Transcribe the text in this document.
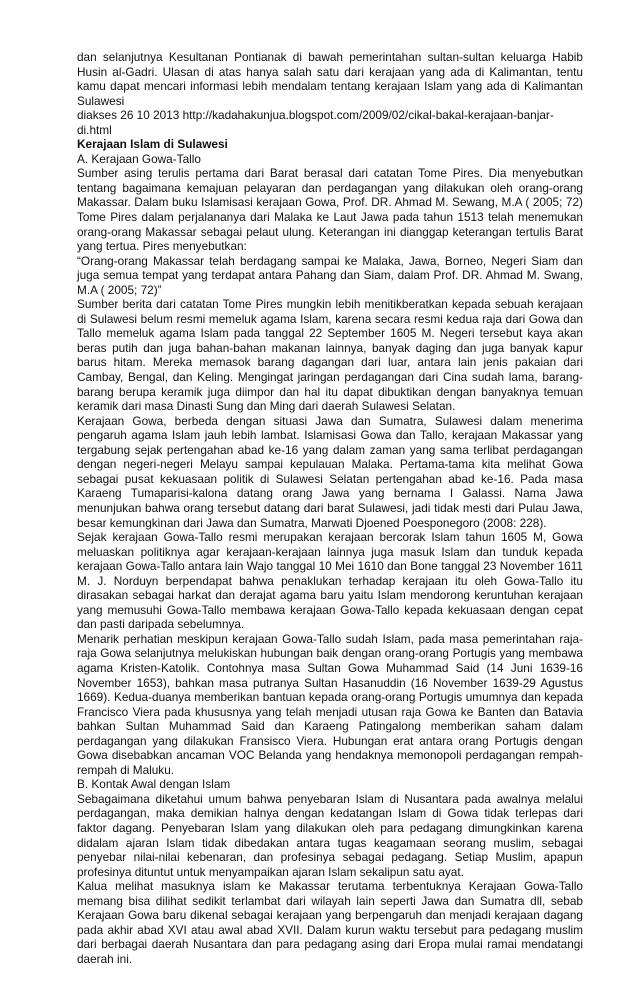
dan selanjutnya Kesultanan Pontianak di bawah pemerintahan sultan-sultan keluarga Habib Husin al-Gadri. Ulasan di atas hanya salah satu dari kerajaan yang ada di Kalimantan, tentu kamu dapat mencari informasi lebih mendalam tentang kerajaan Islam yang ada di Kalimantan Sulawesi

diakses 26 10 2013 http://kadahakunjua.blogspot.com/2009/02/cikal-bakal-kerajaan-banjar-

di.html

Kerajaan Islam di Sulawesi

A. Kerajaan Gowa-Tallo

Sumber asing terulis pertama dari Barat berasal dari catatan Tome Pires. Dia menyebutkan tentang bagaimana kemajuan pelayaran dan perdagangan yang dilakukan oleh orang-orang Makassar. Dalam buku Islamisasi kerajaan Gowa, Prof. DR. Ahmad M. Sewang, M.A ( 2005; 72) Tome Pires dalam perjalananya dari Malaka ke Laut Jawa pada tahun 1513 telah menemukan orang-orang Makassar sebagai pelaut ulung. Keterangan ini dianggap keterangan tertulis Barat yang tertua. Pires menyebutkan:

“Orang-orang Makassar telah berdagang sampai ke Malaka, Jawa, Borneo, Negeri Siam dan juga semua tempat yang terdapat antara Pahang dan Siam, dalam Prof. DR. Ahmad M. Swang, M.A ( 2005; 72)”

Sumber berita dari catatan Tome Pires mungkin lebih menitikberatkan kepada sebuah kerajaan di Sulawesi belum resmi memeluk agama Islam, karena secara resmi kedua raja dari Gowa dan Tallo memeluk agama Islam pada tanggal 22 September 1605 M. Negeri tersebut kaya akan beras putih dan juga bahan-bahan makanan lainnya, banyak daging dan juga banyak kapur barus hitam. Mereka memasok barang dagangan dari luar, antara lain jenis pakaian dari Cambay, Bengal, dan Keling. Mengingat jaringan perdagangan dari Cina sudah lama, barang-barang berupa keramik juga diimpor dan hal itu dapat dibuktikan dengan banyaknya temuan keramik dari masa Dinasti Sung dan Ming dari daerah Sulawesi Selatan.

Kerajaan Gowa, berbeda dengan situasi Jawa dan Sumatra, Sulawesi dalam menerima pengaruh agama Islam jauh lebih lambat. Islamisasi Gowa dan Tallo, kerajaan Makassar yang tergabung sejak pertengahan abad ke-16 yang dalam zaman yang sama terlibat perdagangan dengan negeri-negeri Melayu sampai kepulauan Malaka. Pertama-tama kita melihat Gowa sebagai pusat kekuasaan politik di Sulawesi Selatan pertengahan abad ke-16. Pada masa Karaeng Tumaparisi-kalona datang orang Jawa yang bernama I Galassi. Nama Jawa menunjukan bahwa orang tersebut datang dari barat Sulawesi, jadi tidak mesti dari Pulau Jawa, besar kemungkinan dari Jawa dan Sumatra, Marwati Djoened Poesponegoro (2008: 228).

Sejak kerajaan Gowa-Tallo resmi merupakan kerajaan bercorak Islam tahun 1605 M, Gowa meluaskan politiknya agar kerajaan-kerajaan lainnya juga masuk Islam dan tunduk kepada kerajaan Gowa-Tallo antara lain Wajo tanggal 10 Mei 1610 dan Bone tanggal 23 November 1611 M. J. Norduyn berpendapat bahwa penaklukan terhadap kerajaan itu oleh Gowa-Tallo itu dirasakan sebagai harkat dan derajat agama baru yaitu Islam mendorong keruntuhan kerajaan yang memusuhi Gowa-Tallo membawa kerajaan Gowa-Tallo kepada kekuasaan dengan cepat dan pasti daripada sebelumnya.

Menarik perhatian meskipun kerajaan Gowa-Tallo sudah Islam, pada masa pemerintahan raja-raja Gowa selanjutnya melukiskan hubungan baik dengan orang-orang Portugis yang membawa agama Kristen-Katolik. Contohnya masa Sultan Gowa Muhammad Said (14 Juni 1639-16 November 1653), bahkan masa putranya Sultan Hasanuddin (16 November 1639-29 Agustus 1669). Kedua-duanya memberikan bantuan kepada orang-orang Portugis umumnya dan kepada Francisco Viera pada khususnya yang telah menjadi utusan raja Gowa ke Banten dan Batavia bahkan Sultan Muhammad Said dan Karaeng Patingalong memberikan saham dalam perdagangan yang dilakukan Fransisco Viera. Hubungan erat antara orang Portugis dengan Gowa disebabkan ancaman VOC Belanda yang hendaknya memonopoli perdagangan rempah-rempah di Maluku.

B. Kontak Awal dengan Islam

Sebagaimana diketahui umum bahwa penyebaran Islam di Nusantara pada awalnya melalui perdagangan, maka demikian halnya dengan kedatangan Islam di Gowa tidak terlepas dari faktor dagang. Penyebaran Islam yang dilakukan oleh para pedagang dimungkinkan karena didalam ajaran Islam tidak dibedakan antara tugas keagamaan seorang muslim, sebagai penyebar nilai-nilai kebenaran, dan profesinya sebagai pedagang. Setiap Muslim, apapun profesinya dituntut untuk menyampaikan ajaran Islam sekalipun satu ayat.

Kalua melihat masuknya islam ke Makassar terutama terbentuknya Kerajaan Gowa-Tallo memang bisa dilihat sedikit terlambat dari wilayah lain seperti Jawa dan Sumatra dll, sebab Kerajaan Gowa baru dikenal sebagai kerajaan yang berpengaruh dan menjadi kerajaan dagang pada akhir abad XVI atau awal abad XVII. Dalam kurun waktu tersebut para pedagang muslim dari berbagai daerah Nusantara dan para pedagang asing dari Eropa mulai ramai mendatangi daerah ini.
